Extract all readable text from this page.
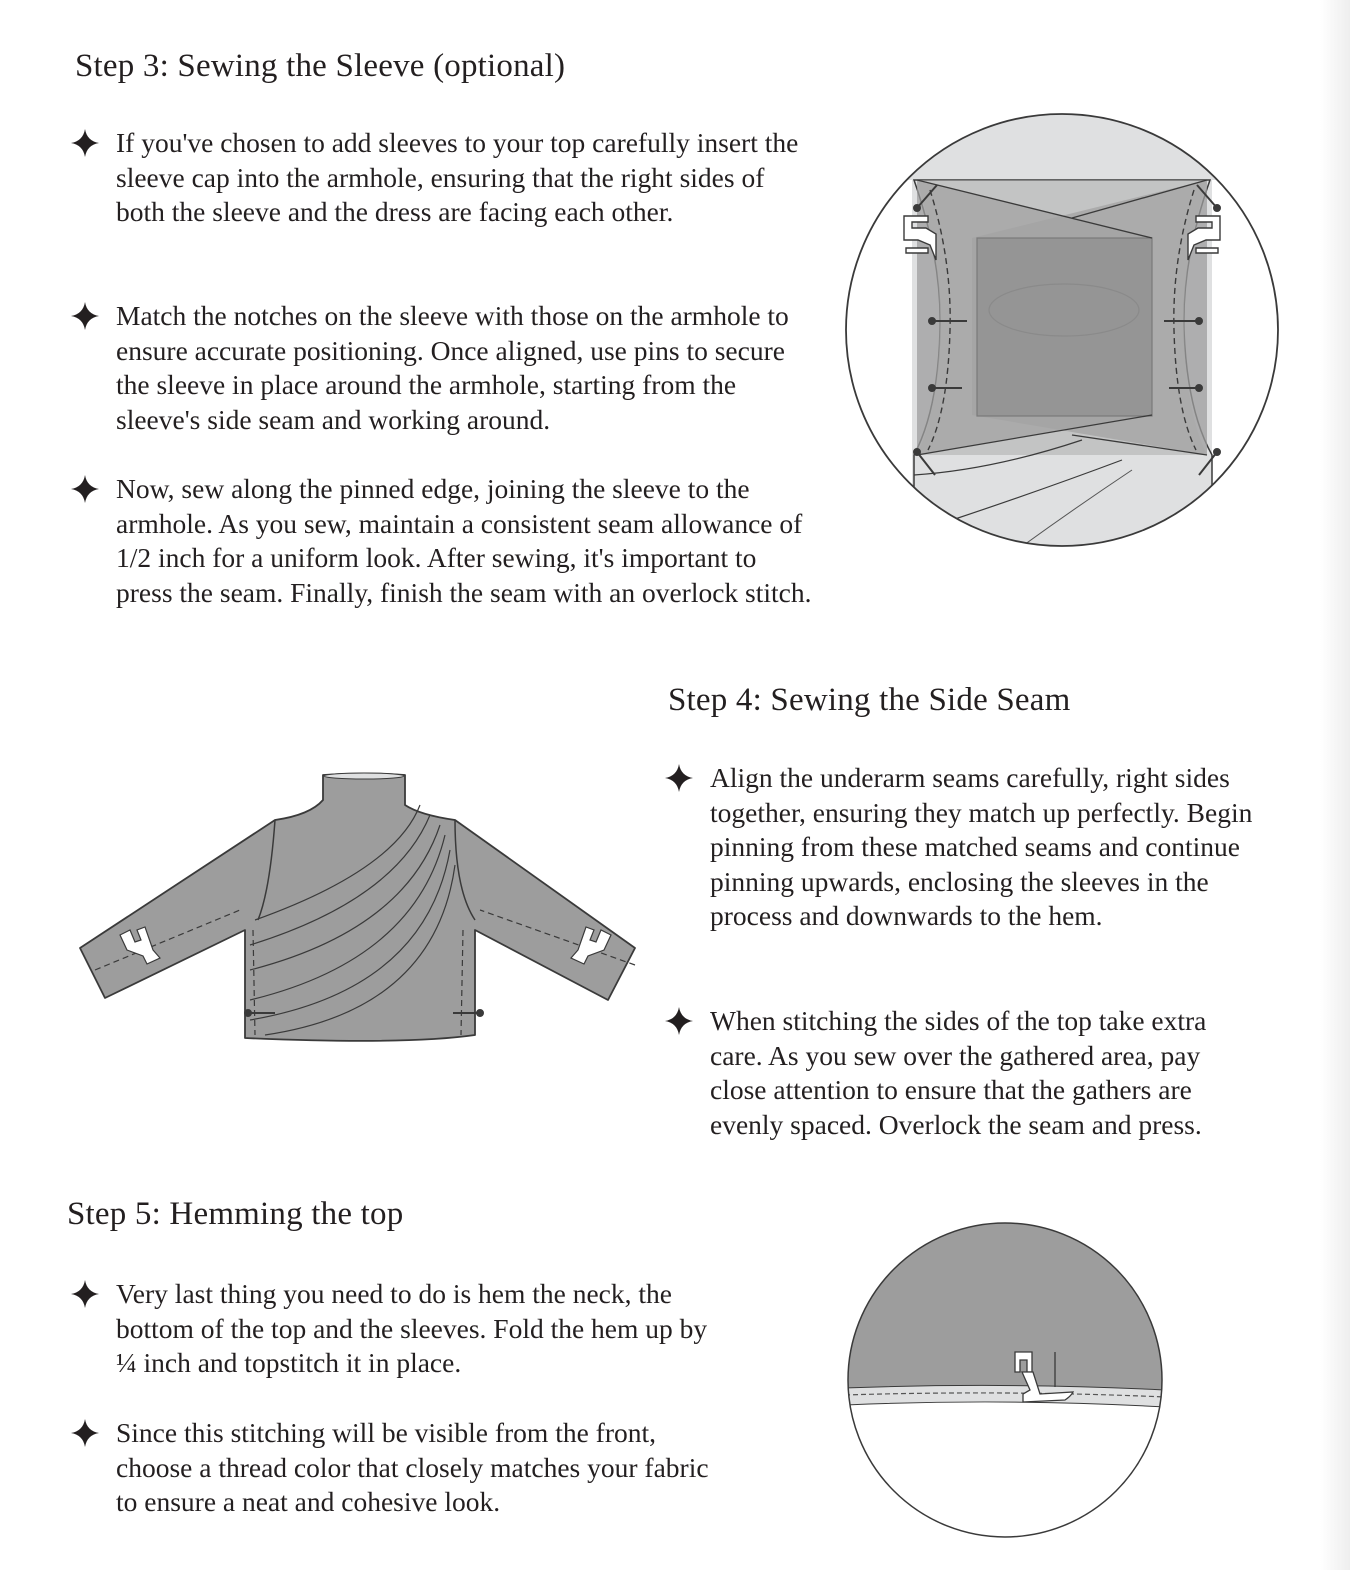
Step 3: Sewing the Sleeve (optional)

If you've chosen to add sleeves to your top carefully insert the sleeve cap into the armhole, ensuring that the right sides of both the sleeve and the dress are facing each other.

Match the notches on the sleeve with those on the armhole to ensure accurate positioning. Once aligned, use pins to secure the sleeve in place around the armhole, starting from the sleeve's side seam and working around.

Now, sew along the pinned edge, joining the sleeve to the armhole. As you sew, maintain a consistent seam allowance of 1/2 inch for a uniform look. After sewing, it's important to press the seam. Finally, finish the seam with an overlock stitch.

Step 4: Sewing the Side Seam

Align the underarm seams carefully, right sides together, ensuring they match up perfectly. Begin pinning from these matched seams and continue pinning upwards, enclosing the sleeves in the process and downwards to the hem.

When stitching the sides of the top take extra care. As you sew over the gathered area, pay close attention to ensure that the gathers are evenly spaced. Overlock the seam and press.

Step 5: Hemming the top

Very last thing you need to do is hem the neck, the bottom of the top and the sleeves. Fold the hem up by ¼ inch and topstitch it in place.

Since this stitching will be visible from the front, choose a thread color that closely matches your fabric to ensure a neat and cohesive look.
